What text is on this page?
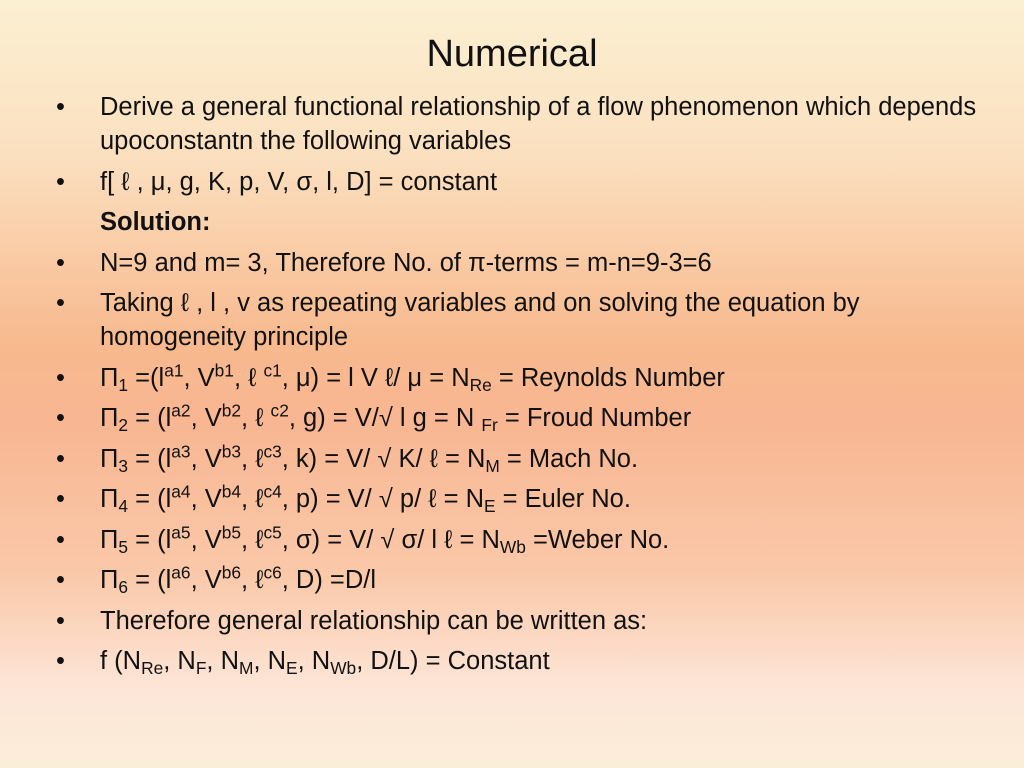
Numerical
•
Derive a general functional relationship of a flow phenomenon which depends upoconstantn the following variables
•
f[ ℓ , μ, g, K, p, V, σ, l, D] = constant
Solution:
•
N=9 and m= 3, Therefore No. of π-terms = m-n=9-3=6
•
Taking ℓ , l , v as repeating variables and on solving the equation by homogeneity principle
•
$\Pi_1 =(l^{a1}$, $V^{b1}$, ℓ $^{c1}$, μ) = l V ℓ/ $\mu = N_{Re}$ = Reynolds Number
•
$\Pi_2 = (l^{a2}$, $V^{b2}$, ℓ $^{c2}$, g) = V/√ l g = N $_{Fr}$ = Froud Number
•
$\Pi_3 = (l^{a3}$, $V^{b3}$, ℓ$^{c3}$, k) = V/ √ K/ ℓ = $N_M$ = Mach No.
•
$\Pi_4 = (l^{a4}$, $V^{b4}$, ℓ$^{c4}$, p) = V/ √ p/ ℓ = $N_E$ = Euler No.
•
$\Pi_5 = (l^{a5}$, $V^{b5}$, ℓ$^{c5}$, σ) = V/ √ σ/ l ℓ = $N_{Wb}$ =Weber No.
•
$\Pi_6 = (l^{a6}$, $V^{b6}$, ℓ$^{c6}$, D) =D/l
•
Therefore general relationship can be written as:
•
f ($N_{Re}$, $N_F$, $N_M$, $N_E$, $N_{Wb}$, D/L) = Constant
